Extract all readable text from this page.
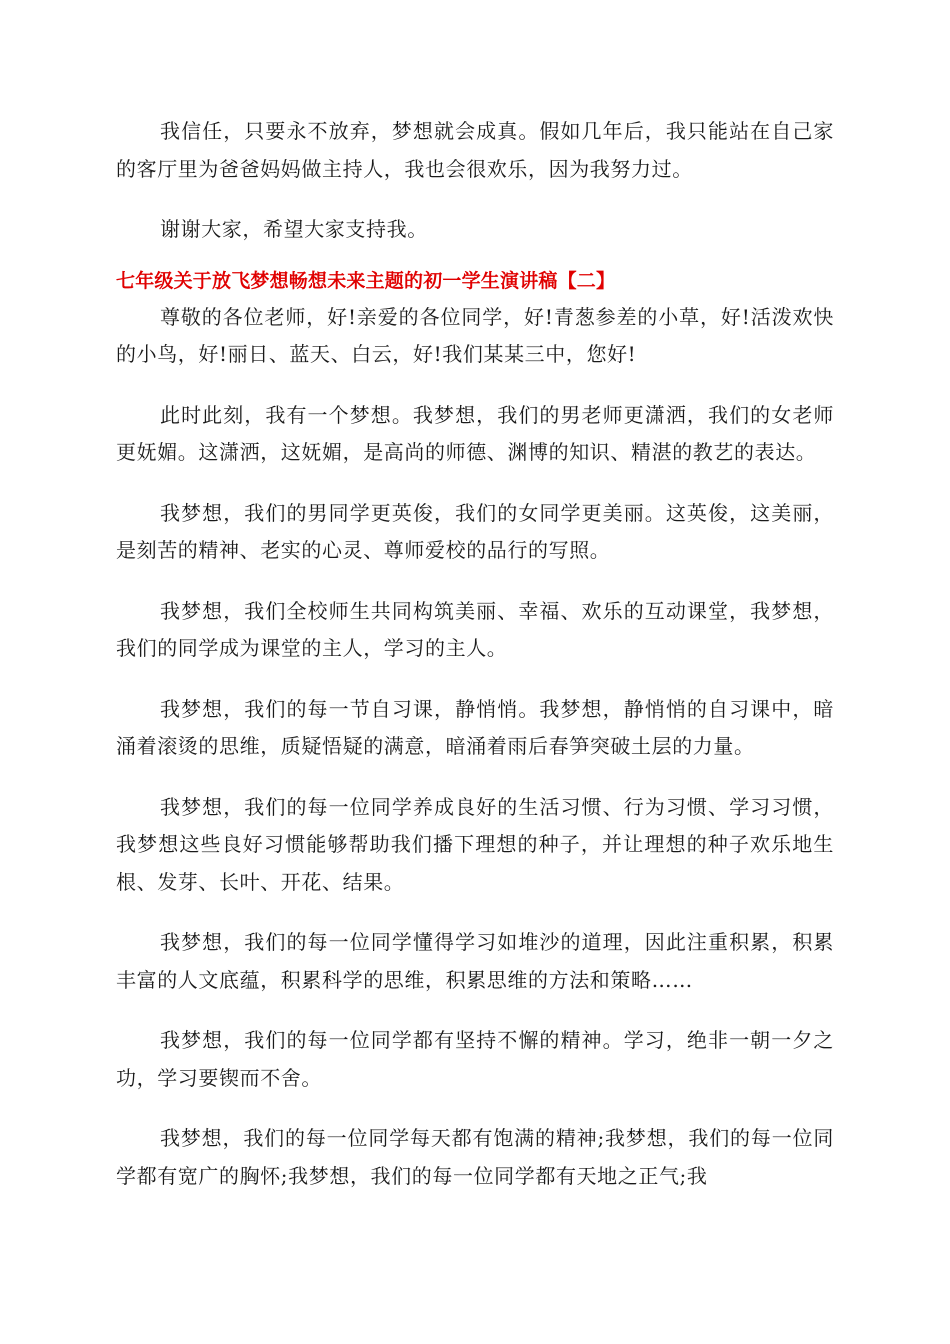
我信任，只要永不放弃，梦想就会成真。假如几年后，我只能站在自己家的客厅里为爸爸妈妈做主持人，我也会很欢乐，因为我努力过。

谢谢大家，希望大家支持我。

七年级关于放飞梦想畅想未来主题的初一学生演讲稿【二】

尊敬的各位老师，好!亲爱的各位同学，好!青葱参差的小草，好!活泼欢快的小鸟，好!丽日、蓝天、白云，好!我们某某三中，您好!

此时此刻，我有一个梦想。我梦想，我们的男老师更潇洒，我们的女老师更妩媚。这潇洒，这妩媚，是高尚的师德、渊博的知识、精湛的教艺的表达。

我梦想，我们的男同学更英俊，我们的女同学更美丽。这英俊，这美丽，是刻苦的精神、老实的心灵、尊师爱校的品行的写照。

我梦想，我们全校师生共同构筑美丽、幸福、欢乐的互动课堂，我梦想，我们的同学成为课堂的主人，学习的主人。

我梦想，我们的每一节自习课，静悄悄。我梦想，静悄悄的自习课中，暗涌着滚烫的思维，质疑悟疑的满意，暗涌着雨后春笋突破土层的力量。

我梦想，我们的每一位同学养成良好的生活习惯、行为习惯、学习习惯，我梦想这些良好习惯能够帮助我们播下理想的种子，并让理想的种子欢乐地生根、发芽、长叶、开花、结果。

我梦想，我们的每一位同学懂得学习如堆沙的道理，因此注重积累，积累丰富的人文底蕴，积累科学的思维，积累思维的方法和策略……

我梦想，我们的每一位同学都有坚持不懈的精神。学习，绝非一朝一夕之功，学习要锲而不舍。

我梦想，我们的每一位同学每天都有饱满的精神;我梦想，我们的每一位同学都有宽广的胸怀;我梦想，我们的每一位同学都有天地之正气;我
